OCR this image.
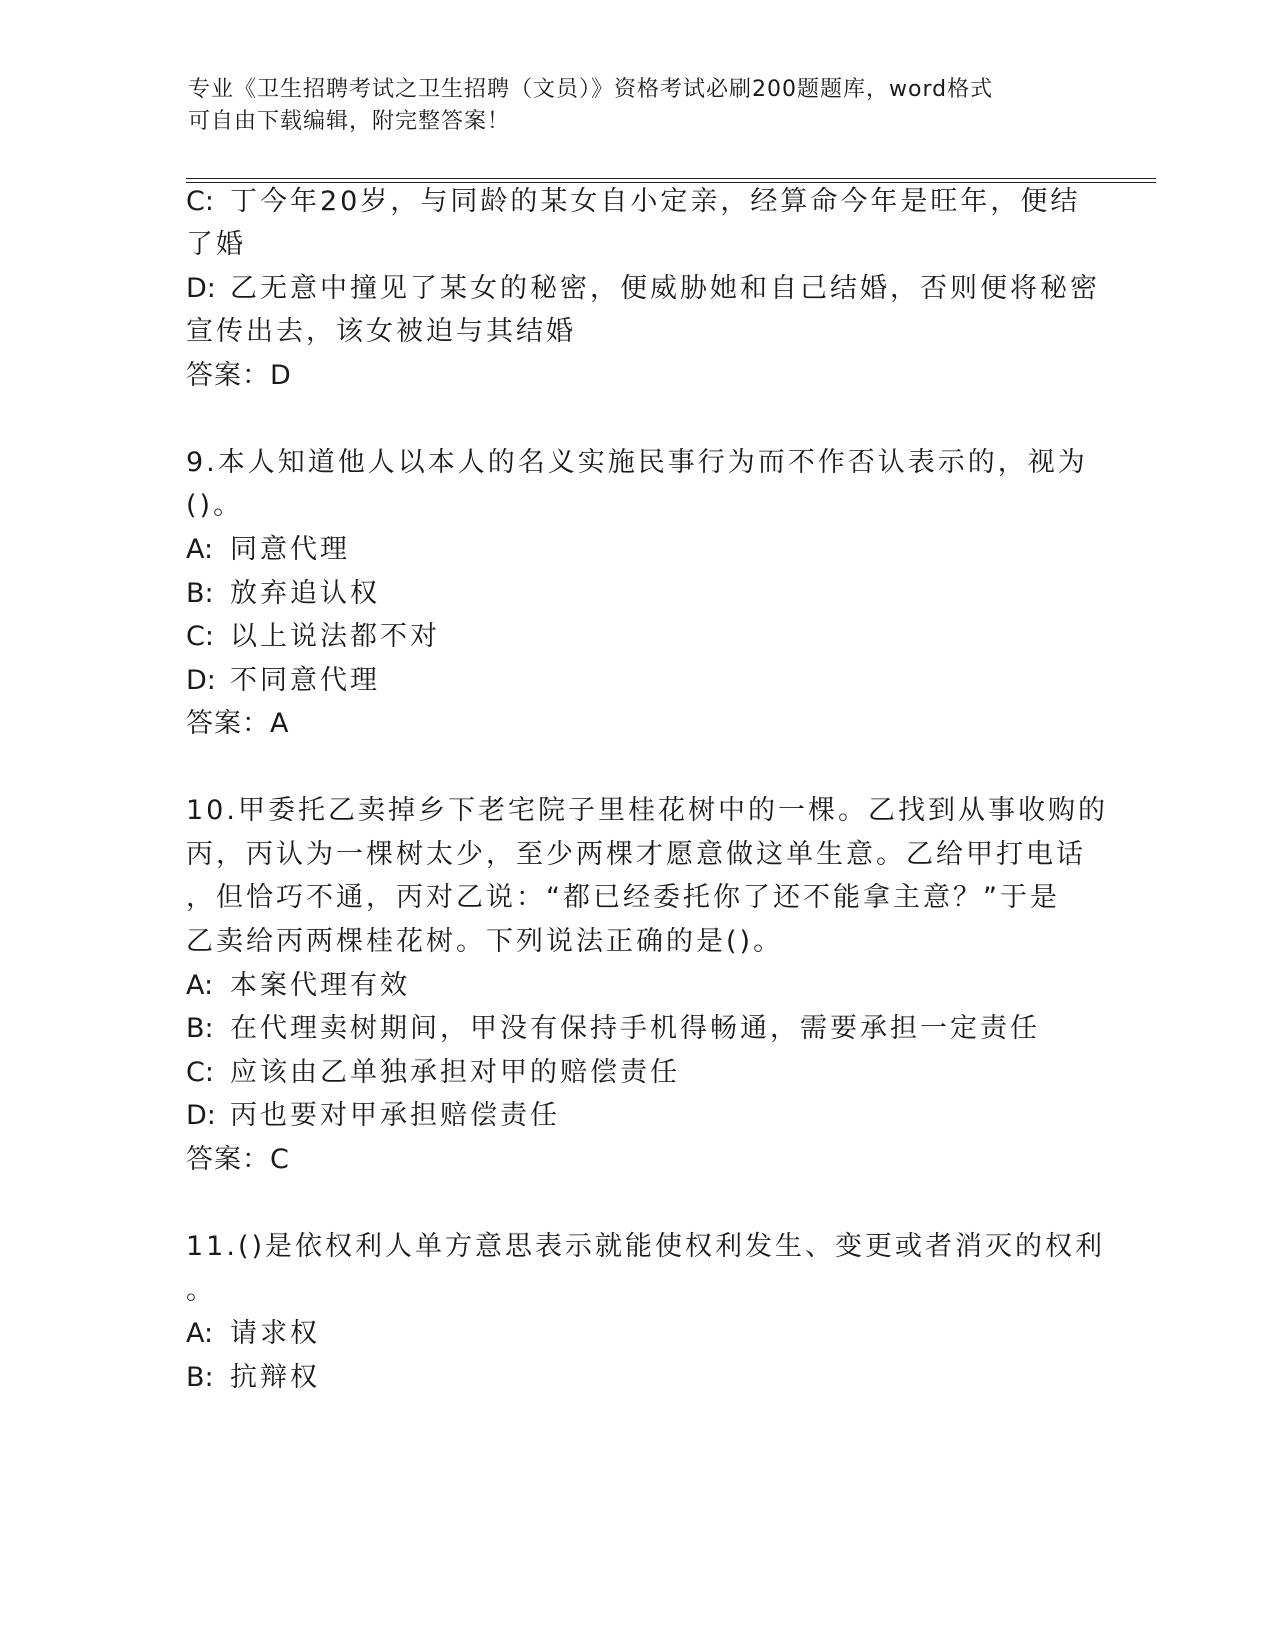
专业《卫生招聘考试之卫生招聘（文员）》资格考试必刷200题题库，word格式
可自由下载编辑，附完整答案！
C: 丁今年20岁，与同龄的某女自小定亲，经算命今年是旺年，便结
了婚
D: 乙无意中撞见了某女的秘密，便威胁她和自己结婚，否则便将秘密
宣传出去，该女被迫与其结婚
答案：D
9.本人知道他人以本人的名义实施民事行为而不作否认表示的，视为
()。
A: 同意代理
B: 放弃追认权
C: 以上说法都不对
D: 不同意代理
答案：A
10.甲委托乙卖掉乡下老宅院子里桂花树中的一棵。乙找到从事收购的
丙，丙认为一棵树太少，至少两棵才愿意做这单生意。乙给甲打电话
，但恰巧不通，丙对乙说：“都已经委托你了还不能拿主意？”于是
乙卖给丙两棵桂花树。下列说法正确的是()。
A: 本案代理有效
B: 在代理卖树期间，甲没有保持手机得畅通，需要承担一定责任
C: 应该由乙单独承担对甲的赔偿责任
D: 丙也要对甲承担赔偿责任
答案：C
11.()是依权利人单方意思表示就能使权利发生、变更或者消灭的权利
。
A: 请求权
B: 抗辩权
